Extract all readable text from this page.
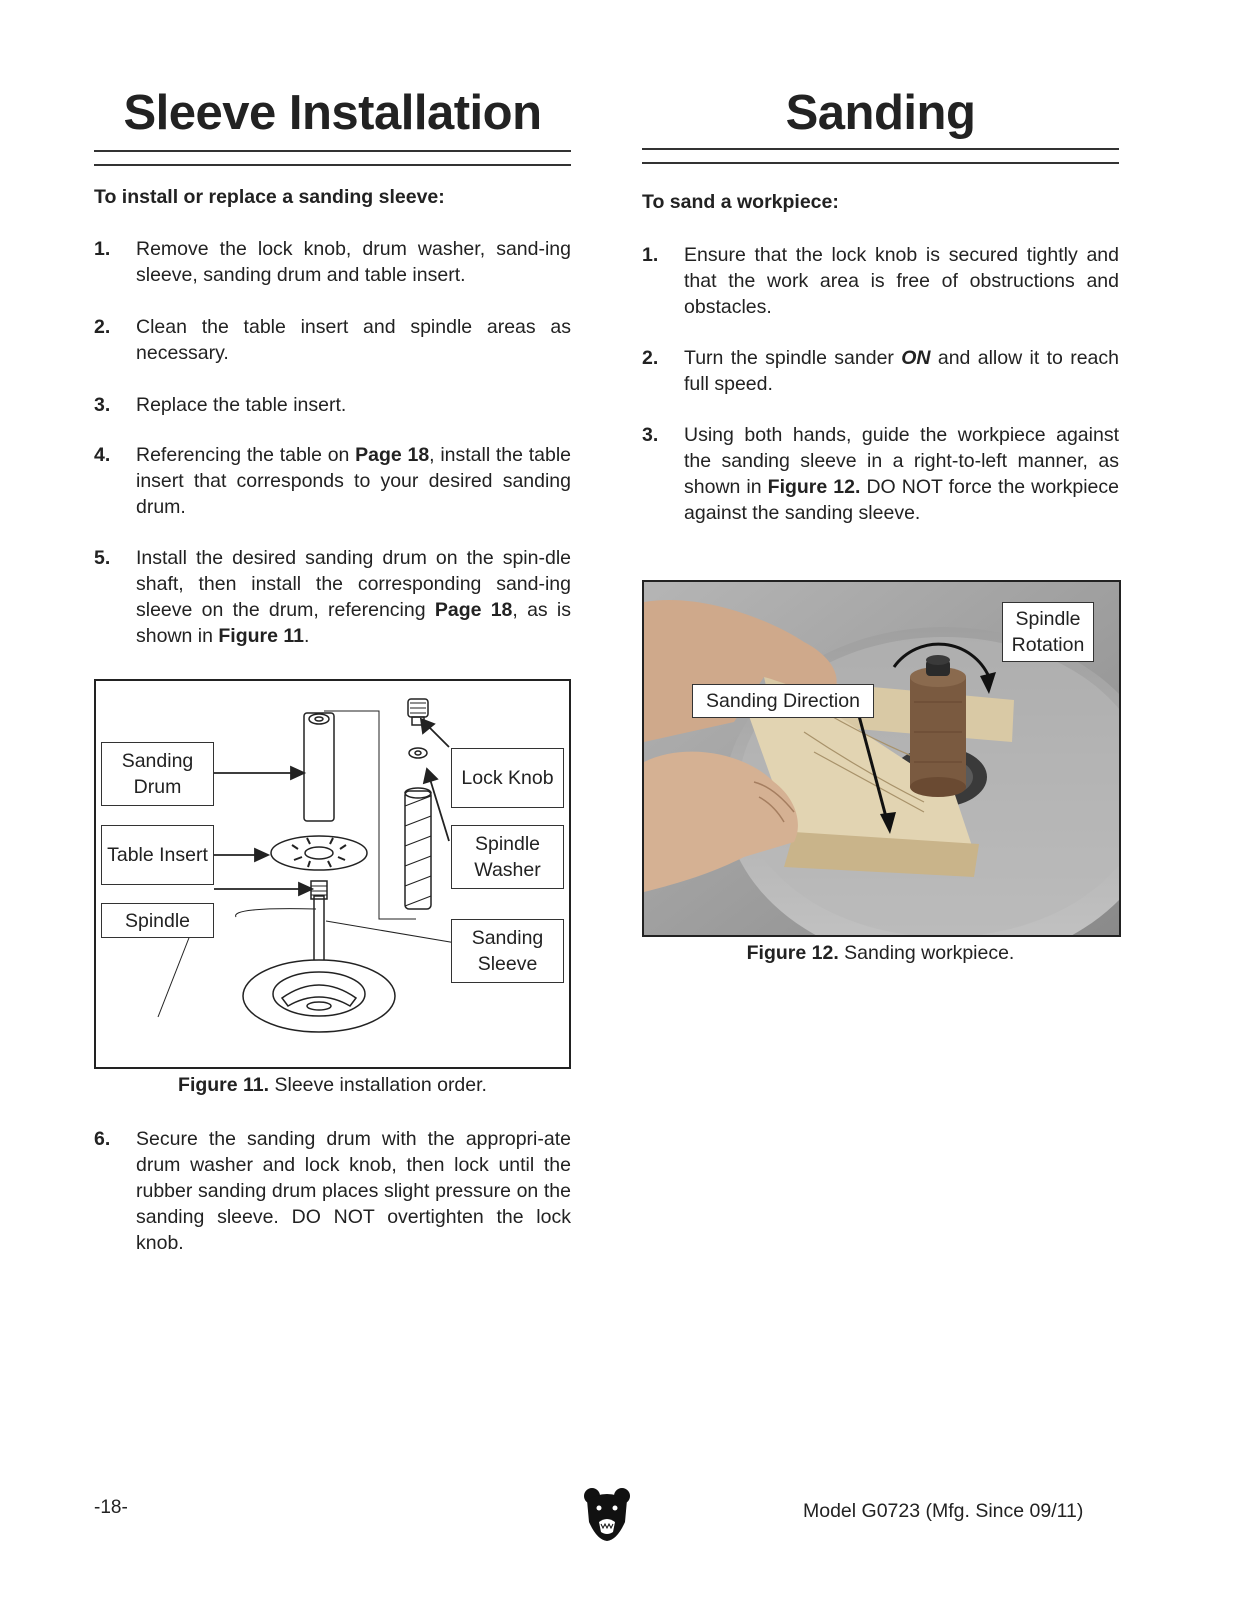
Sleeve Installation
To install or replace a sanding sleeve:
1. Remove the lock knob, drum washer, sand-ing sleeve, sanding drum and table insert.
2. Clean the table insert and spindle areas as necessary.
3. Replace the table insert.
4. Referencing the table on Page 18, install the table insert that corresponds to your desired sanding drum.
5. Install the desired sanding drum on the spin-dle shaft, then install the corresponding sand-ing sleeve on the drum, referencing Page 18, as is shown in Figure 11.
Sanding Drum
Table Insert
Spindle
Lock Knob
Spindle Washer
Sanding Sleeve
Figure 11. Sleeve installation order.
6. Secure the sanding drum with the appropri-ate drum washer and lock knob, then lock until the rubber sanding drum places slight pressure on the sanding sleeve. DO NOT overtighten the lock knob.
Sanding
To sand a workpiece:
1. Ensure that the lock knob is secured tightly and that the work area is free of obstructions and obstacles.
2. Turn the spindle sander ON and allow it to reach full speed.
3. Using both hands, guide the workpiece against the sanding sleeve in a right-to-left manner, as shown in Figure 12. DO NOT force the workpiece against the sanding sleeve.
Spindle Rotation
Sanding Direction
Figure 12. Sanding workpiece.
-18-	Model G0723 (Mfg. Since 09/11)
